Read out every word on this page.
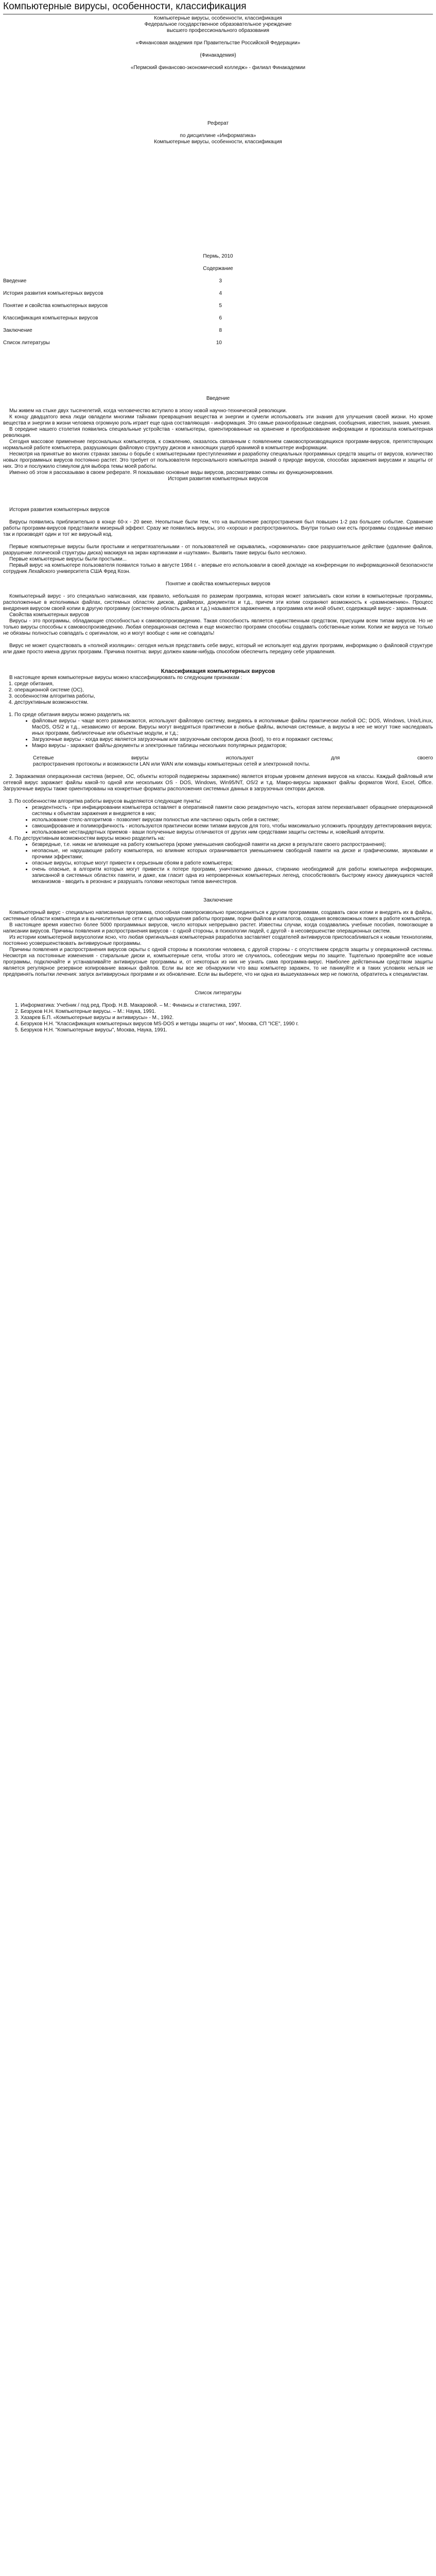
Компьютерные вирусы, особенности, классификация

Компьютерные вирусы, особенности, классификация

Федеральное государственное образовательное учреждение

высшего профессионального образования

«Финансовая академия при Правительстве Российской Федерации»

(Финакадемия)

«Пермский финансово-экономический колледж» - филиал Финакадемии

Реферат

по дисциплине «Информатика»

Компьютерные вирусы, особенности, классификация

Пермь, 2010

Содержание

Введение	3
История развития компьютерных вирусов	4
Понятие и свойства компьютерных вирусов	5
Классификация компьютерных вирусов	6
Заключение	8
Список литературы	10

Введение

Мы живем на стыке двух тысячелетий, когда человечество вступило в эпоху новой научно-технической революции.

К концу двадцатого века люди овладели многими тайнами превращения вещества и энергии и сумели использовать эти знания для улучшения своей жизни. Но кроме вещества и энергии в жизни человека огромную роль играет еще одна составляющая - информация. Это самые разнообразные сведения, сообщения, известия, знания, умения.

В середине нашего столетия появились специальные устройства - компьютеры, ориентированные на хранение и преобразование информации и произошла компьютерная революция.

Сегодня массовое применение персональных компьютеров, к сожалению, оказалось связанным с появлением самовоспроизводящихся программ-вирусов, препятствующих нормальной работе компьютера, разрушающих файловую структуру дисков и наносящих ущерб хранимой в компьютере информации.

Несмотря на принятые во многих странах законы о борьбе с компьютерными преступлениями и разработку специальных программных средств защиты от вирусов, количество новых программных вирусов постоянно растет. Это требует от пользователя персонального компьютера знаний о природе вирусов, способах заражения вирусами и защиты от них. Это и послужило стимулом для выбора темы моей работы.

Именно об этом я рассказываю в своем реферате. Я показываю основные виды вирусов, рассматриваю схемы их функционирования.

История развития компьютерных вирусов

История развития компьютерных вирусов

Вирусы появились приблизительно в конце 60-х - 20 веке. Неопытные были тем, что на выполнение распространения был повышен 1-2 раз большее событие. Сравнение работы программ-вирусов представили мизерный эффект. Сразу же появились вирусы, это «хорошо и распространилось. Внутри только они есть программы созданные именно так и производят один и тот же вирусный код.

Первые компьютерные вирусы были простыми и непритязательными - от пользователей не скрывались, «скромничали» свое разрушительное действие (удаление файлов, разрушение логической структуры диска) маскируя на экран картинками и «шутками». Выявить такие вирусы было несложно.

Первые компьютерные вирусы были простыми...

Первый вирус на компьютере пользователя появился только в августе 1984 г. - впервые его использовали в своей докладе на конференции по информационной безопасности сотрудник Лехайского университета США Фред Коэн.

Понятие и свойства компьютерных вирусов

Компьютерный вирус - это специально написанная, как правило, небольшая по размерам программа, которая может записывать свои копии в компьютерные программы, расположенные в исполнимых файлах, системных областях дисков, драйверах, документах и т.д., причем эти копии сохраняют возможность к «размножению». Процесс внедрения вирусом своей копии в другую программу (системную область диска и т.д.) называется заражением, а программа или иной объект, содержащий вирус - зараженным.

Свойства компьютерных вирусов

Вирусы - это программы, обладающие способностью к самовоспроизведению. Такая способность является единственным средством, присущим всем типам вирусов. Но не только вирусы способны к самовоспроизведению. Любая операционная система и еще множество программ способны создавать собственные копии. Копии же вируса не только не обязаны полностью совпадать с оригиналом, но и могут вообще с ним не совпадать!

Вирус не может существовать в «полной изоляции»: сегодня нельзя представить себе вирус, который не использует код других программ, информацию о файловой структуре или даже просто имена других программ. Причина понятна: вирус должен каким-нибудь способом обеспечить передачу себе управления.

Классификация компьютерных вирусов

В настоящее время компьютерные вирусы можно классифицировать по следующим признакам :

1. среде обитания,
2. операционной системе (ОС),
3. особенностям алгоритма работы,
4. деструктивным возможностям.
1. По среде обитания вирусы можно разделить на:
• файловые вирусы - чаще всего размножаются, используют файловую систему, внедряясь в исполнимые файлы практически любой ОС; DOS, Windows, Unix/Linux, MacOS, OS/2 и т.д., независимо от версии. Вирусы могут внедряться практически в любые файлы, включая системные, а вирусы в нее не могут тоже наследовать иных программ, библиотечные или объектные модули, и т.д.;
• Загрузочные вирусы - когда вирус является загрузочным или загрузочным сектором диска (boot), то его и поражают системы;
• Макро вирусы - заражают файлы-документы и электронные таблицы нескольких популярных редакторов;
Сетевые	вирусы	используют	для	своего

распространения протоколы и возможности LAN или WAN или команды компьютерных сетей и электронной почты.

2. Заражаемая операционная система (вернее, ОС, объекты которой подвержены заражению) является вторым уровнем деления вирусов на классы. Каждый файловый или сетевой вирус заражает файлы какой-то одной или нескольких OS - DOS, Windows, Win95/NT, OS/2 и т.д. Макро-вирусы заражают файлы форматов Word, Excel, Office. Загрузочные вирусы также ориентированы на конкретные форматы расположения системных данных в загрузочных секторах дисков.

3. По особенностям алгоритма работы вирусов выделяются следующие пункты:
• резидентность - при инфицировании компьютера оставляет в оперативной памяти свою резидентную часть, которая затем перехватывает обращение операционной системы к объектам заражения и внедряется в них;
• использование стелс-алгоритмов - позволяет вирусам полностью или частично скрыть себя в системе;
• самошифрование и полиморфичность - используются практически всеми типами вирусов для того, чтобы максимально усложнить процедуру детектирования вируса;
• использование нестандартных приемов - ваши полученные вирусы отличаются от других ним средствами защиты системы и, новейший алгоритм.
4. По деструктивным возможностям вирусы можно разделить на:
• безвредные, т.е. никак не влияющие на работу компьютера (кроме уменьшения свободной памяти на диске в результате своего распространения);
• неопасные, не нарушающие работу компьютера, но влияние которых ограничивается уменьшением свободной памяти на диске и графическими, звуковыми и прочими эффектами;
• опасные вирусы, которые могут привести к серьезным сбоям в работе компьютера;
• очень опасные, в алгоритм которых могут привести к потере программ, уничтожению данных, стиранию необходимой для работы компьютера информации, записанной в системных областях памяти, и даже, как гласит одна из непроверенных компьютерных легенд, способствовать быстрому износу движущихся частей механизмов - вводить в резонанс и разрушать головки некоторых типов винчестеров.

Заключение

Компьютерный вирус - специально написанная программа, способная самопроизвольно присоединяться к другим программам, создавать свои копии и внедрять их в файлы, системные области компьютера и в вычислительные сети с целью нарушения работы программ, порчи файлов и каталогов, создания всевозможных помех в работе компьютера.

В настоящее время известно более 5000 программных вирусов, число которых непрерывно растет. Известны случаи, когда создавались учебные пособия, помогающие в написании вирусов. Причины появления и распространения вирусов - с одной стороны, в психологии людей, с другой - в несовершенстве операционных систем.

Из истории компьютерной вирусологии ясно, что любая оригинальная компьютерная разработка заставляет создателей антивирусов приспосабливаться к новым технологиям, постоянно усовершенствовать антивирусные программы.

Причины появления и распространения вирусов скрыты с одной стороны в психологии человека, с другой стороны - с отсутствием средств защиты у операционной системы. Несмотря на постоянные изменения - стиральные диски и, компьютерные сети, чтобы этого не случилось, собеседник меры по защите. Тщательно проверяйте все новые программы, подключайте и устанавливайте антивирусные программы и, от некоторых из них не узнать сама программа-вирус. Наиболее действенным средством защиты является регулярное резервное копирование важных файлов. Если вы все же обнаружили что ваш компьютер заражен, то не паникуйте и в таких условиях нельзя не предпринять попытки лечения: запуск антивирусных программ и их обновление. Если вы выберете, что ни одна из вышеуказанных мер не помогла, обратитесь к специалистам.

Список литературы

1. Информатика: Учебник / под ред. Проф. Н.В. Макаровой. – М.: Финансы и статистика, 1997.
2. Безруков Н.Н. Компьютерные вирусы. – М.: Наука, 1991.
3. Хазарев Б.П. «Компьютерные вирусы и антивирусы» - М., 1992.
4. Безруков Н.Н. "Классификация компьютерных вирусов MS-DOS и методы защиты от них", Москва, СП "ICE", 1990 г.
5. Безруков Н.Н. "Компьютерные вирусы", Москва, Наука, 1991.
